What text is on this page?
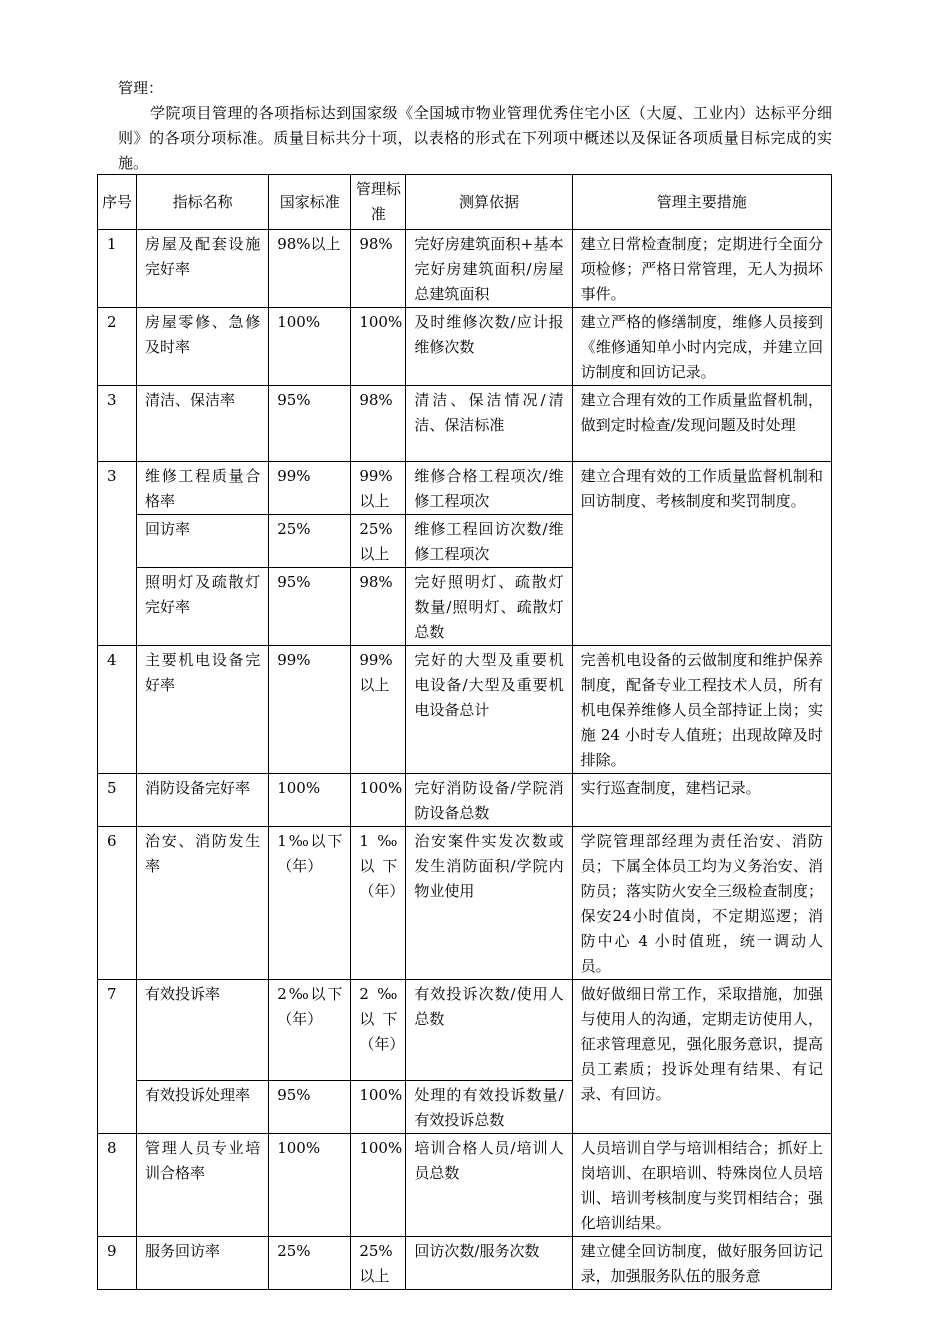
管理：
学院项目管理的各项指标达到国家级《全国城市物业管理优秀住宅小区（大厦、工业内）达标平分细则》的各项分项标准。质量目标共分十项，以表格的形式在下列项中概述以及保证各项质量目标完成的实施。
序号	指标名称	国家标准	管理标准	测算依据	管理主要措施

1	房屋及配套设施完好率	98%以上	98%	完好房建筑面积+基本完好房建筑面积/房屋总建筑面积	建立日常检查制度；定期进行全面分项检修；严格日常管理，无人为损坏事件。

2	房屋零修、急修及时率	100%	100%	及时维修次数/应计报维修次数	建立严格的修缮制度，维修人员接到《维修通知单小时内完成，并建立回访制度和回访记录。

3	清洁、保洁率	95%	98%	清洁、保洁情况/清洁、保洁标准	建立合理有效的工作质量监督机制，做到定时检查/发现问题及时处理

3	维修工程质量合格率	99%	99%以上	维修合格工程项次/维修工程项次	建立合理有效的工作质量监督机制和回访制度、考核制度和奖罚制度。

	回访率	25%	25%以上	维修工程回访次数/维修工程项次	

	照明灯及疏散灯完好率	95%	98%	完好照明灯、疏散灯数量/照明灯、疏散灯总数	

4	主要机电设备完好率	99%	99%以上	完好的大型及重要机电设备/大型及重要机电设备总计	完善机电设备的云做制度和维护保养制度，配备专业工程技术人员，所有机电保养维修人员全部持证上岗；实施 24 小时专人值班；出现故障及时排除。

5	消防设备完好率	100%	100%	完好消防设备/学院消防设备总数	实行巡查制度，建档记录。

6	治安、消防发生率	1‰以下（年）	1‰以下（年）	治安案件实发次数或发生消防面积/学院内物业使用	学院管理部经理为责任治安、消防员；下属全体员工均为义务治安、消防员；落实防火安全三级检查制度；保安24小时值岗，不定期巡逻；消防中心 4 小时值班，统一调动人员。

7	有效投诉率	2‰以下（年）	2‰以下（年）	有效投诉次数/使用人总数	做好做细日常工作，采取措施，加强与使用人的沟通，定期走访使用人，征求管理意见，强化服务意识，提高员工素质；投诉处理有结果、有记录、有回访。

	有效投诉处理率	95%	100%	处理的有效投诉数量/有效投诉总数	

8	管理人员专业培训合格率	100%	100%	培训合格人员/培训人员总数	人员培训自学与培训相结合；抓好上岗培训、在职培训、特殊岗位人员培训、培训考核制度与奖罚相结合；强化培训结果。

9	服务回访率	25%	25%以上	回访次数/服务次数	建立健全回访制度，做好服务回访记录，加强服务队伍的服务意
